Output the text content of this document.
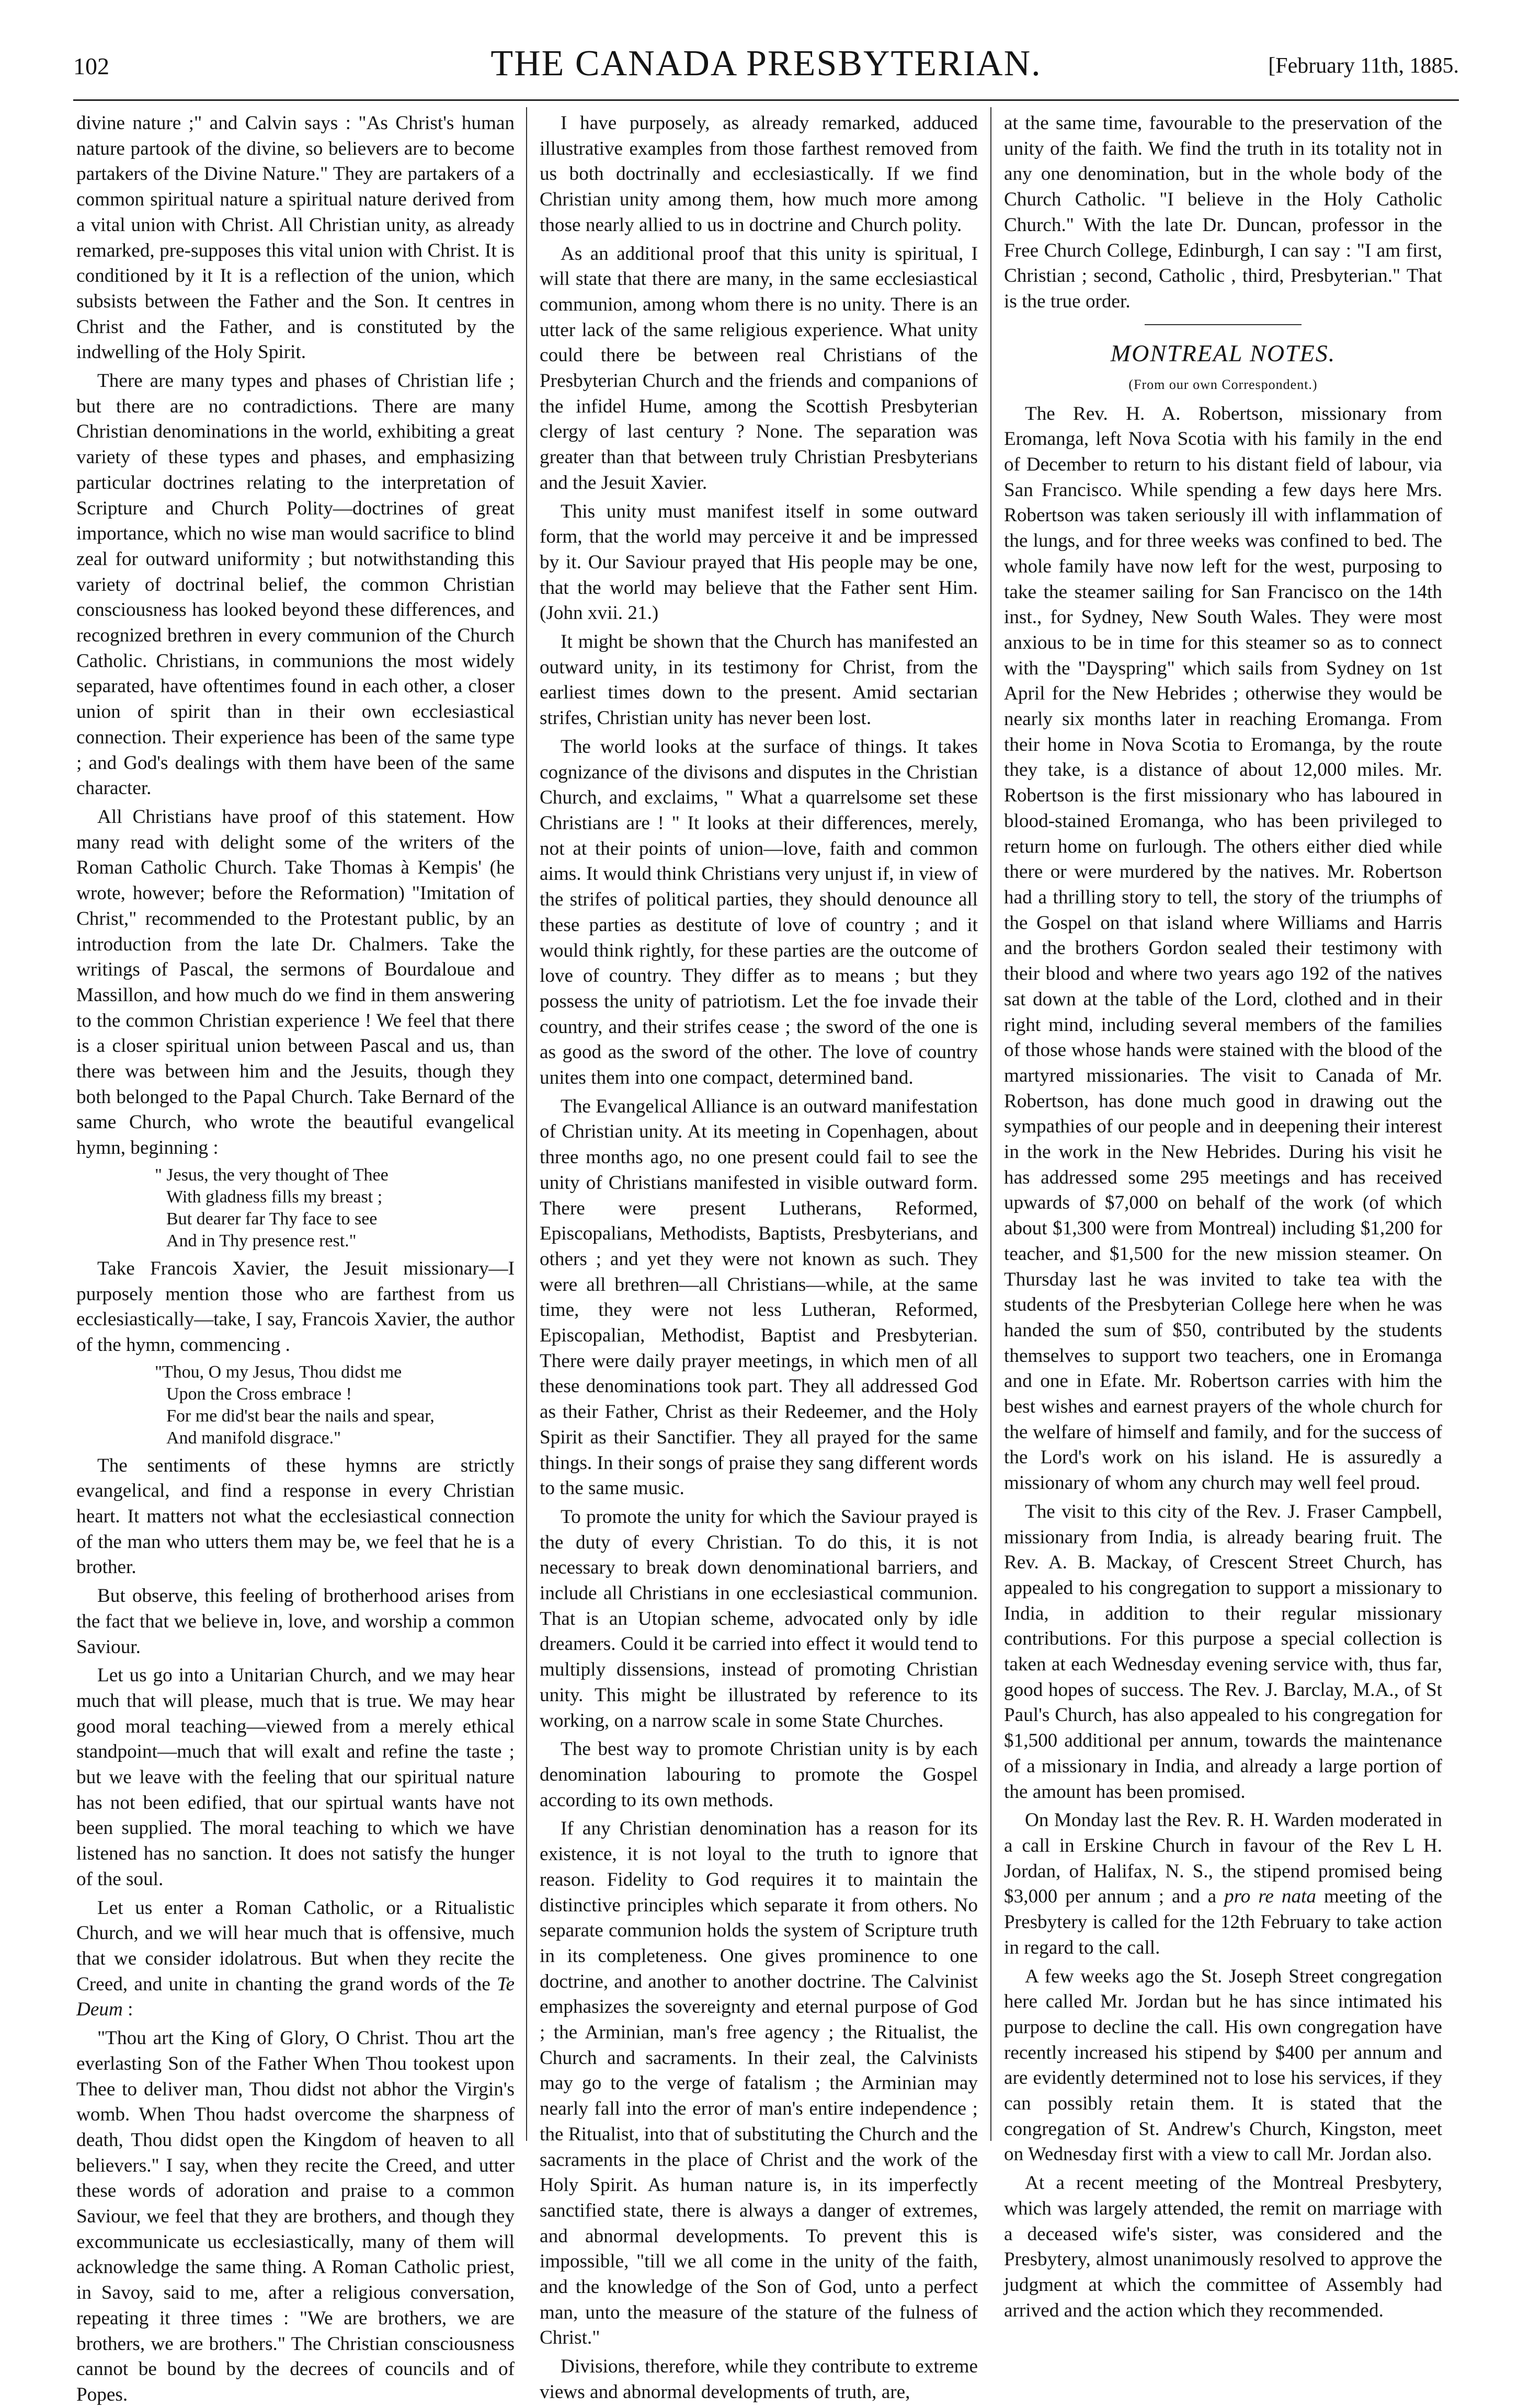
102	THE CANADA PRESBYTERIAN.	[February 11th, 1885.

divine nature ;" and Calvin says : "As Christ's human nature partook of the divine, so believers are to become partakers of the Divine Nature." They are partakers of a common spiritual nature a spiritual nature derived from a vital union with Christ. All Christian unity, as already remarked, pre-supposes this vital union with Christ. It is conditioned by it It is a reflection of the union, which subsists between the Father and the Son. It centres in Christ and the Father, and is constituted by the indwelling of the Holy Spirit.

There are many types and phases of Christian life ; but there are no contradictions. There are many Christian denominations in the world, exhibiting a great variety of these types and phases, and emphasizing particular doctrines relating to the interpretation of Scripture and Church Polity—doctrines of great importance, which no wise man would sacrifice to blind zeal for outward uniformity ; but notwithstanding this variety of doctrinal belief, the common Christian consciousness has looked beyond these differences, and recognized brethren in every communion of the Church Catholic. Christians, in communions the most widely separated, have oftentimes found in each other, a closer union of spirit than in their own ecclesiastical connection. Their experience has been of the same type ; and God's dealings with them have been of the same character.

All Christians have proof of this statement. How many read with delight some of the writers of the Roman Catholic Church. Take Thomas à Kempis' (he wrote, however; before the Reformation) "Imitation of Christ," recommended to the Protestant public, by an introduction from the late Dr. Chalmers. Take the writings of Pascal, the sermons of Bourdaloue and Massillon, and how much do we find in them answering to the common Christian experience ! We feel that there is a closer spiritual union between Pascal and us, than there was between him and the Jesuits, though they both belonged to the Papal Church. Take Bernard of the same Church, who wrote the beautiful evangelical hymn, beginning :

" Jesus, the very thought of Thee
With gladness fills my breast ;
But dearer far Thy face to see
And in Thy presence rest."

Take Francois Xavier, the Jesuit missionary—I purposely mention those who are farthest from us ecclesiastically—take, I say, Francois Xavier, the author of the hymn, commencing .

"Thou, O my Jesus, Thou didst me
Upon the Cross embrace !
For me did'st bear the nails and spear,
And manifold disgrace."

The sentiments of these hymns are strictly evangelical, and find a response in every Christian heart. It matters not what the ecclesiastical connection of the man who utters them may be, we feel that he is a brother.

But observe, this feeling of brotherhood arises from the fact that we believe in, love, and worship a common Saviour.

Let us go into a Unitarian Church, and we may hear much that will please, much that is true. We may hear good moral teaching—viewed from a merely ethical standpoint—much that will exalt and refine the taste ; but we leave with the feeling that our spiritual nature has not been edified, that our spirtual wants have not been supplied. The moral teaching to which we have listened has no sanction. It does not satisfy the hunger of the soul.

Let us enter a Roman Catholic, or a Ritualistic Church, and we will hear much that is offensive, much that we consider idolatrous. But when they recite the Creed, and unite in chanting the grand words of the Te Deum :

"Thou art the King of Glory, O Christ. Thou art the everlasting Son of the Father When Thou tookest upon Thee to deliver man, Thou didst not abhor the Virgin's womb. When Thou hadst overcome the sharpness of death, Thou didst open the Kingdom of heaven to all believers." I say, when they recite the Creed, and utter these words of adoration and praise to a common Saviour, we feel that they are brothers, and though they excommunicate us ecclesiastically, many of them will acknowledge the same thing. A Roman Catholic priest, in Savoy, said to me, after a religious conversation, repeating it three times : "We are brothers, we are brothers, we are brothers." The Christian consciousness cannot be bound by the decrees of councils and of Popes.

I have purposely, as already remarked, adduced illustrative examples from those farthest removed from us both doctrinally and ecclesiastically. If we find Christian unity among them, how much more among those nearly allied to us in doctrine and Church polity.

As an additional proof that this unity is spiritual, I will state that there are many, in the same ecclesiastical communion, among whom there is no unity. There is an utter lack of the same religious experience. What unity could there be between real Christians of the Presbyterian Church and the friends and companions of the infidel Hume, among the Scottish Presbyterian clergy of last century ? None. The separation was greater than that between truly Christian Presbyterians and the Jesuit Xavier.

This unity must manifest itself in some outward form, that the world may perceive it and be impressed by it. Our Saviour prayed that His people may be one, that the world may believe that the Father sent Him. (John xvii. 21.)

It might be shown that the Church has manifested an outward unity, in its testimony for Christ, from the earliest times down to the present. Amid sectarian strifes, Christian unity has never been lost.

The world looks at the surface of things. It takes cognizance of the divisons and disputes in the Christian Church, and exclaims, " What a quarrelsome set these Christians are ! " It looks at their differences, merely, not at their points of union—love, faith and common aims. It would think Christians very unjust if, in view of the strifes of political parties, they should denounce all these parties as destitute of love of country ; and it would think rightly, for these parties are the outcome of love of country. They differ as to means ; but they possess the unity of patriotism. Let the foe invade their country, and their strifes cease ; the sword of the one is as good as the sword of the other. The love of country unites them into one compact, determined band.

The Evangelical Alliance is an outward manifestation of Christian unity. At its meeting in Copenhagen, about three months ago, no one present could fail to see the unity of Christians manifested in visible outward form. There were present Lutherans, Reformed, Episcopalians, Methodists, Baptists, Presbyterians, and others ; and yet they were not known as such. They were all brethren—all Christians—while, at the same time, they were not less Lutheran, Reformed, Episcopalian, Methodist, Baptist and Presbyterian. There were daily prayer meetings, in which men of all these denominations took part. They all addressed God as their Father, Christ as their Redeemer, and the Holy Spirit as their Sanctifier. They all prayed for the same things. In their songs of praise they sang different words to the same music.

To promote the unity for which the Saviour prayed is the duty of every Christian. To do this, it is not necessary to break down denominational barriers, and include all Christians in one ecclesiastical communion. That is an Utopian scheme, advocated only by idle dreamers. Could it be carried into effect it would tend to multiply dissensions, instead of promoting Christian unity. This might be illustrated by reference to its working, on a narrow scale in some State Churches.

The best way to promote Christian unity is by each denomination labouring to promote the Gospel according to its own methods.

If any Christian denomination has a reason for its existence, it is not loyal to the truth to ignore that reason. Fidelity to God requires it to maintain the distinctive principles which separate it from others. No separate communion holds the system of Scripture truth in its completeness. One gives prominence to one doctrine, and another to another doctrine. The Calvinist emphasizes the sovereignty and eternal purpose of God ; the Arminian, man's free agency ; the Ritualist, the Church and sacraments. In their zeal, the Calvinists may go to the verge of fatalism ; the Arminian may nearly fall into the error of man's entire independence ; the Ritualist, into that of substituting the Church and the sacraments in the place of Christ and the work of the Holy Spirit. As human nature is, in its imperfectly sanctified state, there is always a danger of extremes, and abnormal developments. To prevent this is impossible, "till we all come in the unity of the faith, and the knowledge of the Son of God, unto a perfect man, unto the measure of the stature of the fulness of Christ."

Divisions, therefore, while they contribute to extreme views and abnormal developments of truth, are,

at the same time, favourable to the preservation of the unity of the faith. We find the truth in its totality not in any one denomination, but in the whole body of the Church Catholic. "I believe in the Holy Catholic Church." With the late Dr. Duncan, professor in the Free Church College, Edinburgh, I can say : "I am first, Christian ; second, Catholic , third, Presbyterian." That is the true order.

MONTREAL NOTES.
(From our own Correspondent.)

The Rev. H. A. Robertson, missionary from Eromanga, left Nova Scotia with his family in the end of December to return to his distant field of labour, via San Francisco. While spending a few days here Mrs. Robertson was taken seriously ill with inflammation of the lungs, and for three weeks was confined to bed. The whole family have now left for the west, purposing to take the steamer sailing for San Francisco on the 14th inst., for Sydney, New South Wales. They were most anxious to be in time for this steamer so as to connect with the "Dayspring" which sails from Sydney on 1st April for the New Hebrides ; otherwise they would be nearly six months later in reaching Eromanga. From their home in Nova Scotia to Eromanga, by the route they take, is a distance of about 12,000 miles. Mr. Robertson is the first missionary who has laboured in blood-stained Eromanga, who has been privileged to return home on furlough. The others either died while there or were murdered by the natives. Mr. Robertson had a thrilling story to tell, the story of the triumphs of the Gospel on that island where Williams and Harris and the brothers Gordon sealed their testimony with their blood and where two years ago 192 of the natives sat down at the table of the Lord, clothed and in their right mind, including several members of the families of those whose hands were stained with the blood of the martyred missionaries. The visit to Canada of Mr. Robertson, has done much good in drawing out the sympathies of our people and in deepening their interest in the work in the New Hebrides. During his visit he has addressed some 295 meetings and has received upwards of $7,000 on behalf of the work (of which about $1,300 were from Montreal) including $1,200 for teacher, and $1,500 for the new mission steamer. On Thursday last he was invited to take tea with the students of the Presbyterian College here when he was handed the sum of $50, contributed by the students themselves to support two teachers, one in Eromanga and one in Efate. Mr. Robertson carries with him the best wishes and earnest prayers of the whole church for the welfare of himself and family, and for the success of the Lord's work on his island. He is assuredly a missionary of whom any church may well feel proud.

The visit to this city of the Rev. J. Fraser Campbell, missionary from India, is already bearing fruit. The Rev. A. B. Mackay, of Crescent Street Church, has appealed to his congregation to support a missionary to India, in addition to their regular missionary contributions. For this purpose a special collection is taken at each Wednesday evening service with, thus far, good hopes of success. The Rev. J. Barclay, M.A., of St Paul's Church, has also appealed to his congregation for $1,500 additional per annum, towards the maintenance of a missionary in India, and already a large portion of the amount has been promised.

On Monday last the Rev. R. H. Warden moderated in a call in Erskine Church in favour of the Rev L H. Jordan, of Halifax, N. S., the stipend promised being $3,000 per annum ; and a pro re nata meeting of the Presbytery is called for the 12th February to take action in regard to the call.

A few weeks ago the St. Joseph Street congregation here called Mr. Jordan but he has since intimated his purpose to decline the call. His own congregation have recently increased his stipend by $400 per annum and are evidently determined not to lose his services, if they can possibly retain them. It is stated that the congregation of St. Andrew's Church, Kingston, meet on Wednesday first with a view to call Mr. Jordan also.

At a recent meeting of the Montreal Presbytery, which was largely attended, the remit on marriage with a deceased wife's sister, was considered and the Presbytery, almost unanimously resolved to approve the judgment at which the committee of Assembly had arrived and the action which they recommended.
